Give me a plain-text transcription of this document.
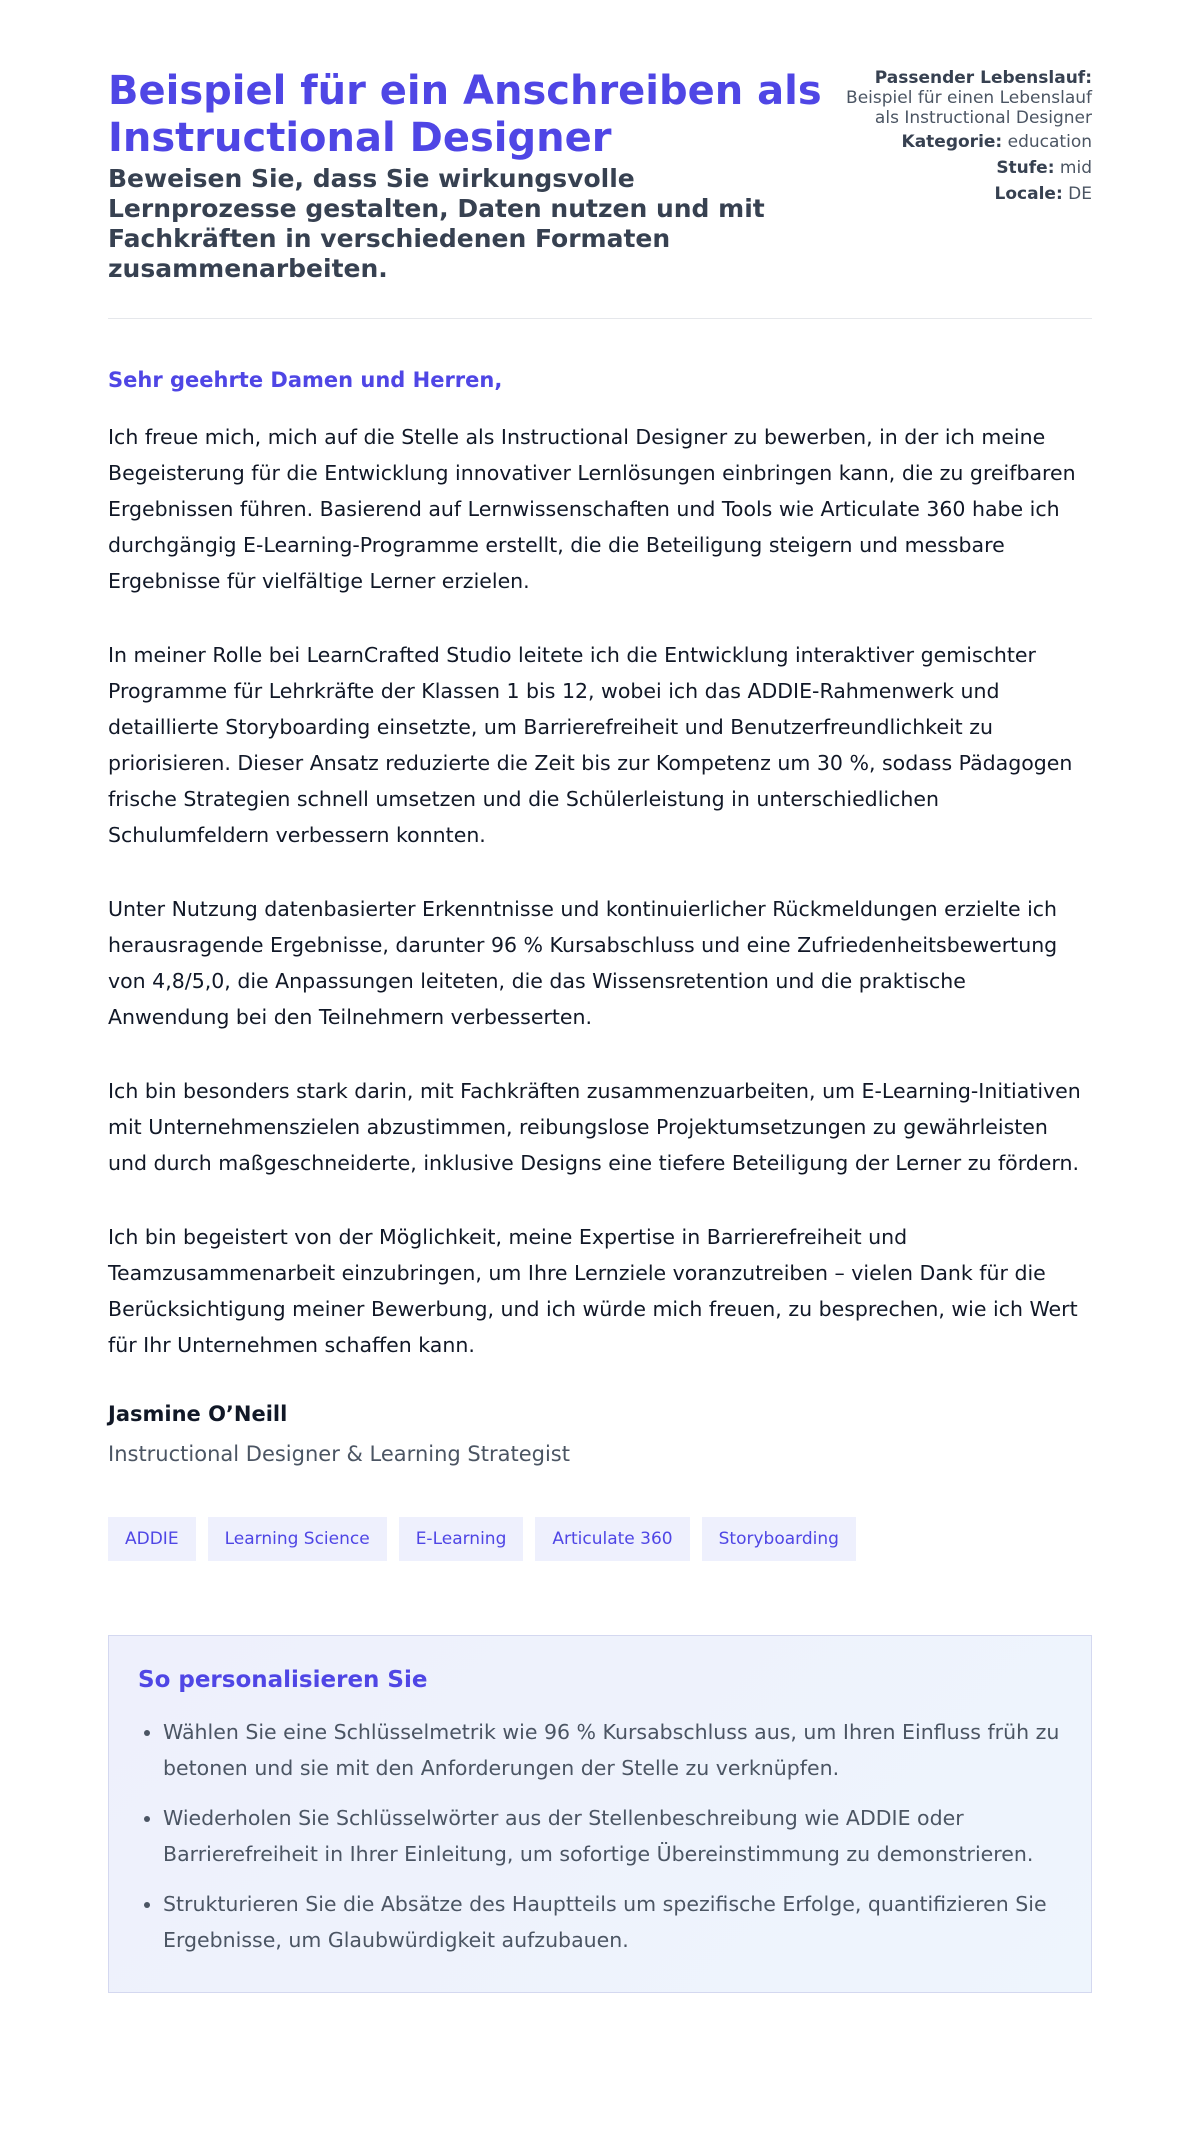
Beispiel für ein Anschreiben als Instructional Designer
Beweisen Sie, dass Sie wirkungsvolle Lernprozesse gestalten, Daten nutzen und mit Fachkräften in verschiedenen Formaten zusammenarbeiten.
Passender Lebenslauf:
Beispiel für einen Lebenslauf als Instructional Designer
Kategorie: education
Stufe: mid
Locale: DE

Sehr geehrte Damen und Herren,

Ich freue mich, mich auf die Stelle als Instructional Designer zu bewerben, in der ich meine Begeisterung für die Entwicklung innovativer Lernlösungen einbringen kann, die zu greifbaren Ergebnissen führen. Basierend auf Lernwissenschaften und Tools wie Articulate 360 habe ich durchgängig E-Learning-Programme erstellt, die die Beteiligung steigern und messbare Ergebnisse für vielfältige Lerner erzielen.

In meiner Rolle bei LearnCrafted Studio leitete ich die Entwicklung interaktiver gemischter Programme für Lehrkräfte der Klassen 1 bis 12, wobei ich das ADDIE-Rahmenwerk und detaillierte Storyboarding einsetzte, um Barrierefreiheit und Benutzerfreundlichkeit zu priorisieren. Dieser Ansatz reduzierte die Zeit bis zur Kompetenz um 30 %, sodass Pädagogen frische Strategien schnell umsetzen und die Schülerleistung in unterschiedlichen Schulumfeldern verbessern konnten.

Unter Nutzung datenbasierter Erkenntnisse und kontinuierlicher Rückmeldungen erzielte ich herausragende Ergebnisse, darunter 96 % Kursabschluss und eine Zufriedenheitsbewertung von 4,8/5,0, die Anpassungen leiteten, die das Wissensretention und die praktische Anwendung bei den Teilnehmern verbesserten.

Ich bin besonders stark darin, mit Fachkräften zusammenzuarbeiten, um E-Learning-Initiativen mit Unternehmenszielen abzustimmen, reibungslose Projektumsetzungen zu gewährleisten und durch maßgeschneiderte, inklusive Designs eine tiefere Beteiligung der Lerner zu fördern.

Ich bin begeistert von der Möglichkeit, meine Expertise in Barrierefreiheit und Teamzusammenarbeit einzubringen, um Ihre Lernziele voranzutreiben – vielen Dank für die Berücksichtigung meiner Bewerbung, und ich würde mich freuen, zu besprechen, wie ich Wert für Ihr Unternehmen schaffen kann.

Jasmine O’Neill
Instructional Designer & Learning Strategist
ADDIE	Learning Science	E-Learning	Articulate 360	Storyboarding
So personalisieren Sie
• Wählen Sie eine Schlüsselmetrik wie 96 % Kursabschluss aus, um Ihren Einfluss früh zu betonen und sie mit den Anforderungen der Stelle zu verknüpfen.
• Wiederholen Sie Schlüsselwörter aus der Stellenbeschreibung wie ADDIE oder Barrierefreiheit in Ihrer Einleitung, um sofortige Übereinstimmung zu demonstrieren.
• Strukturieren Sie die Absätze des Hauptteils um spezifische Erfolge, quantifizieren Sie Ergebnisse, um Glaubwürdigkeit aufzubauen.
